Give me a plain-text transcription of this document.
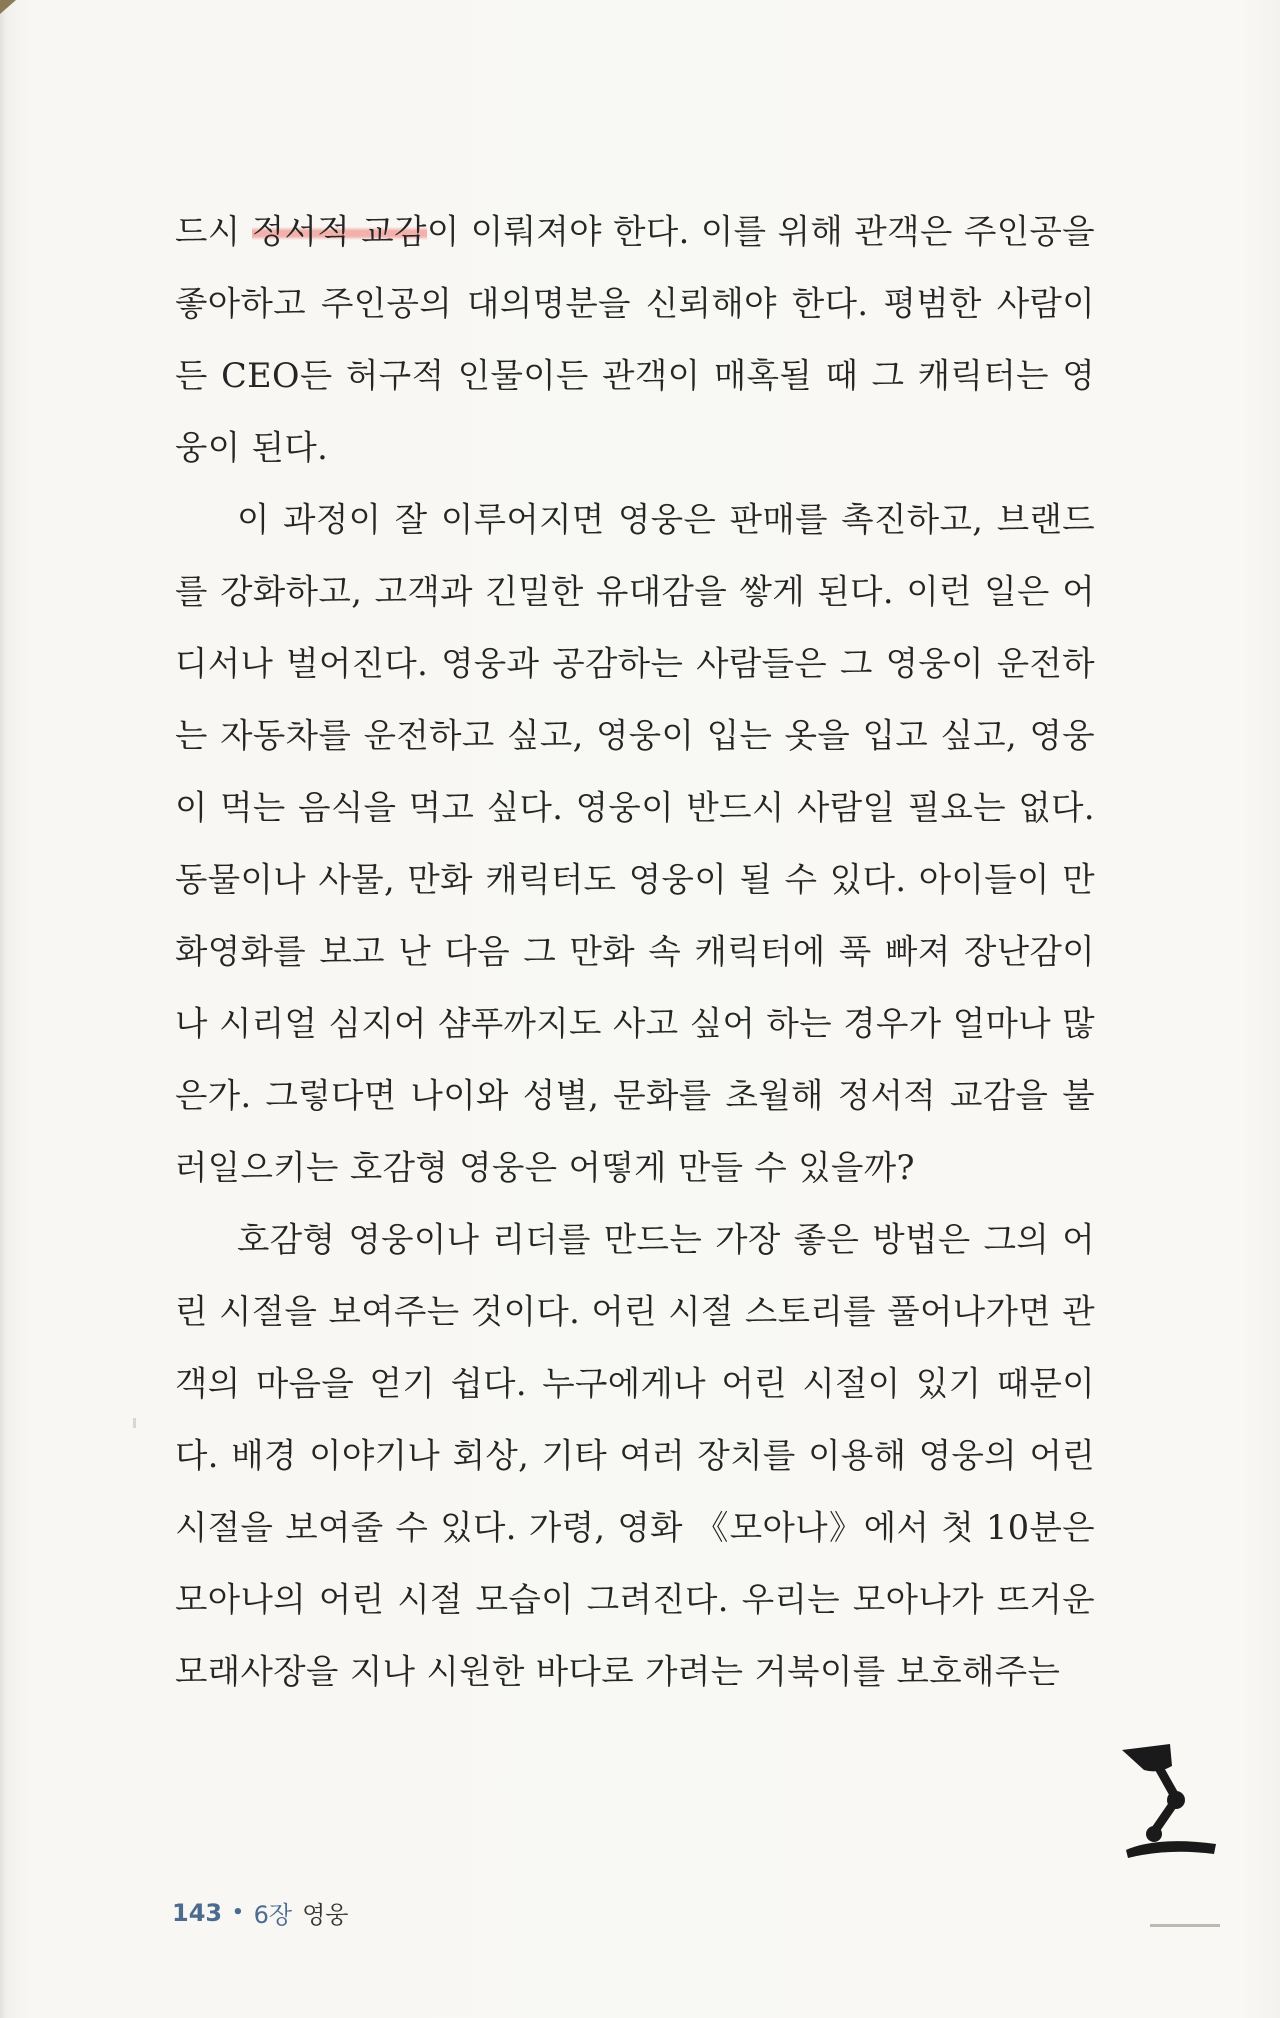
드시 정서적 교감이 이뤄져야 한다. 이를 위해 관객은 주인공을 좋아하고 주인공의 대의명분을 신뢰해야 한다. 평범한 사람이든 CEO든 허구적 인물이든 관객이 매혹될 때 그 캐릭터는 영웅이 된다.

이 과정이 잘 이루어지면 영웅은 판매를 촉진하고, 브랜드를 강화하고, 고객과 긴밀한 유대감을 쌓게 된다. 이런 일은 어디서나 벌어진다. 영웅과 공감하는 사람들은 그 영웅이 운전하는 자동차를 운전하고 싶고, 영웅이 입는 옷을 입고 싶고, 영웅이 먹는 음식을 먹고 싶다. 영웅이 반드시 사람일 필요는 없다. 동물이나 사물, 만화 캐릭터도 영웅이 될 수 있다. 아이들이 만화영화를 보고 난 다음 그 만화 속 캐릭터에 푹 빠져 장난감이나 시리얼 심지어 샴푸까지도 사고 싶어 하는 경우가 얼마나 많은가. 그렇다면 나이와 성별, 문화를 초월해 정서적 교감을 불러일으키는 호감형 영웅은 어떻게 만들 수 있을까?

호감형 영웅이나 리더를 만드는 가장 좋은 방법은 그의 어린 시절을 보여주는 것이다. 어린 시절 스토리를 풀어나가면 관객의 마음을 얻기 쉽다. 누구에게나 어린 시절이 있기 때문이다. 배경 이야기나 회상, 기타 여러 장치를 이용해 영웅의 어린 시절을 보여줄 수 있다. 가령, 영화 《모아나》에서 첫 10분은 모아나의 어린 시절 모습이 그려진다. 우리는 모아나가 뜨거운 모래사장을 지나 시원한 바다로 가려는 거북이를 보호해주는

143 • 6장 영웅
